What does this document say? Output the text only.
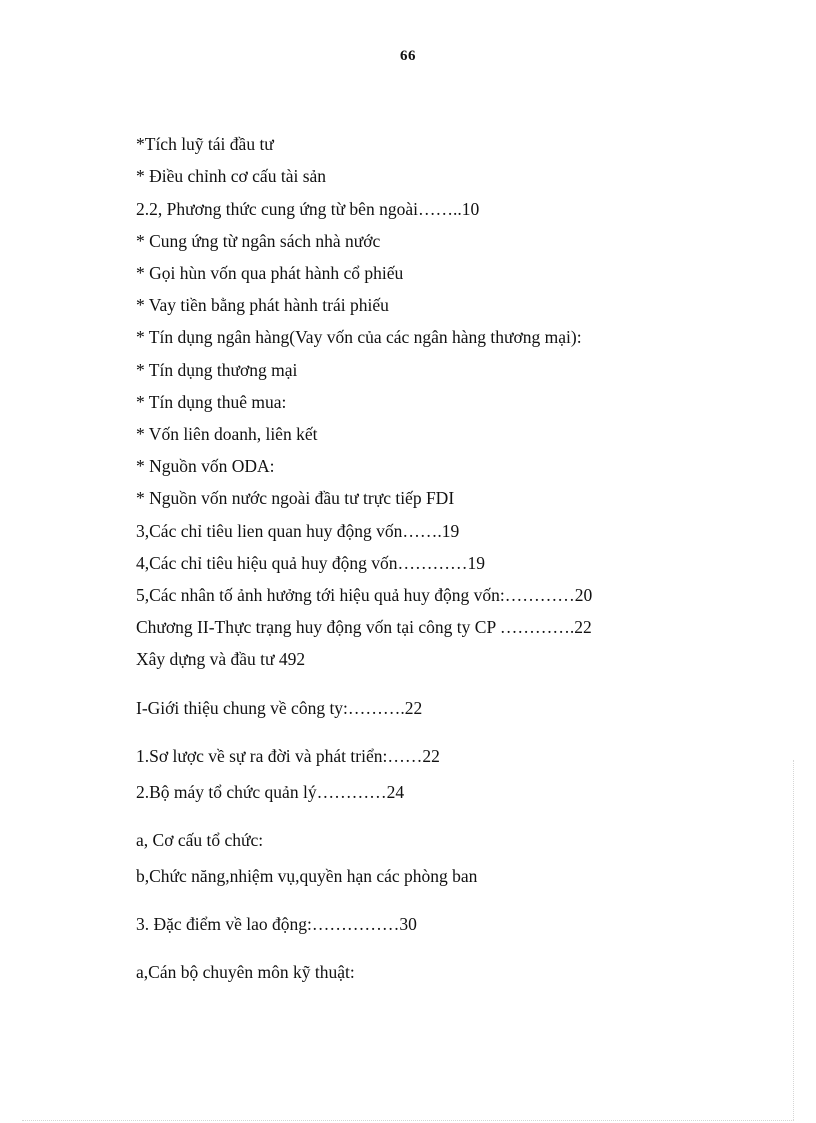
66
*Tích luỹ tái đầu tư
* Điều chỉnh cơ cấu tài sản
2.2, Phương thức cung ứng từ bên ngoài……..10
* Cung ứng từ ngân sách nhà nước
* Gọi hùn vốn qua phát hành cổ phiếu
* Vay tiền bằng phát hành trái phiếu
* Tín dụng ngân hàng(Vay vốn của các ngân hàng thương mại):
* Tín dụng thương mại
* Tín dụng thuê mua:
* Vốn liên doanh, liên kết
* Nguồn vốn ODA:
* Nguồn vốn nước ngoài đầu tư trực tiếp FDI
3,Các chỉ tiêu lien quan huy động vốn…….19
4,Các chỉ tiêu hiệu quả huy động vốn…………19
5,Các nhân tố ảnh hưởng tới hiệu quả huy động vốn:…………20
Chương II-Thực trạng huy động vốn tại công ty CP ………….22
Xây dựng và đầu tư 492
I-Giới thiệu chung về công ty:……….22
1.Sơ lược về sự ra đời và phát triển:……22
2.Bộ máy tổ chức quản lý…………24
a, Cơ cấu tổ chức:
b,Chức năng,nhiệm vụ,quyền hạn các phòng ban
3. Đặc điểm về lao động:……………30
a,Cán bộ chuyên môn kỹ thuật:
